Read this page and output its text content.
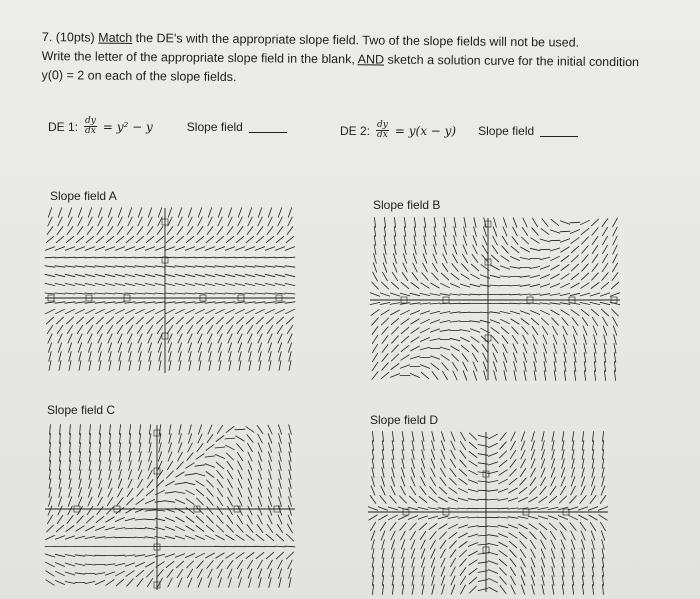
7. (10pts) Match the DE's with the appropriate slope field. Two of the slope fields will not be used.
Write the letter of the appropriate slope field in the blank, AND sketch a solution curve for the initial condition
y(0) = 2 on each of the slope fields.
DE 1: $\frac{dy}{dx} = y^2 - y$	Slope field	DE 2: $\frac{dy}{dx} = y(x - y)$ Slope field
Slope field A
Slope field B
Slope field C
Slope field D
